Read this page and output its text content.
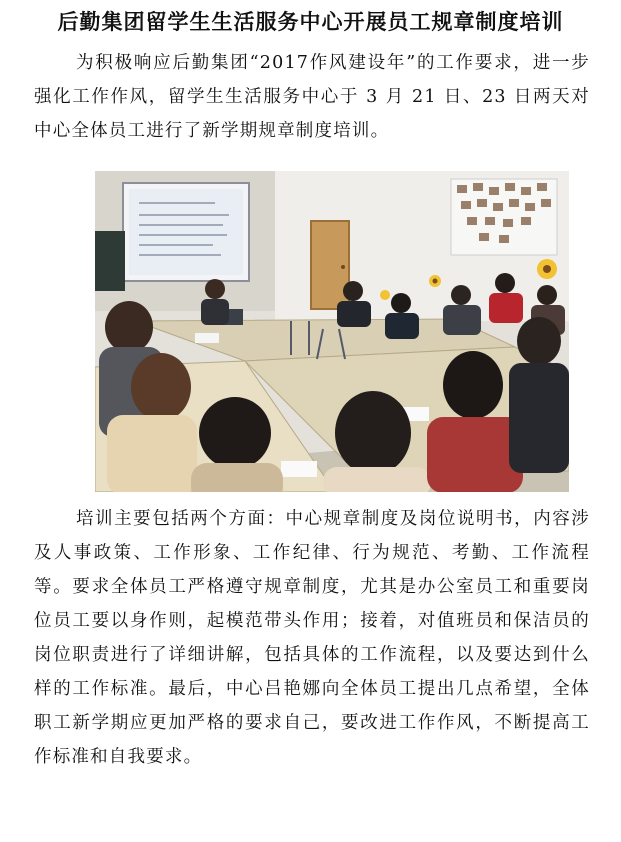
后勤集团留学生生活服务中心开展员工规章制度培训

为积极响应后勤集团“2017作风建设年”的工作要求，进一步强化工作作风，留学生生活服务中心于 3 月 21 日、23 日两天对中心全体员工进行了新学期规章制度培训。

培训主要包括两个方面：中心规章制度及岗位说明书，内容涉及人事政策、工作形象、工作纪律、行为规范、考勤、工作流程等。要求全体员工严格遵守规章制度，尤其是办公室员工和重要岗位员工要以身作则，起模范带头作用；接着，对值班员和保洁员的岗位职责进行了详细讲解，包括具体的工作流程，以及要达到什么样的工作标准。最后，中心吕艳娜向全体员工提出几点希望，全体职工新学期应更加严格的要求自己，要改进工作作风，不断提高工作标准和自我要求。
